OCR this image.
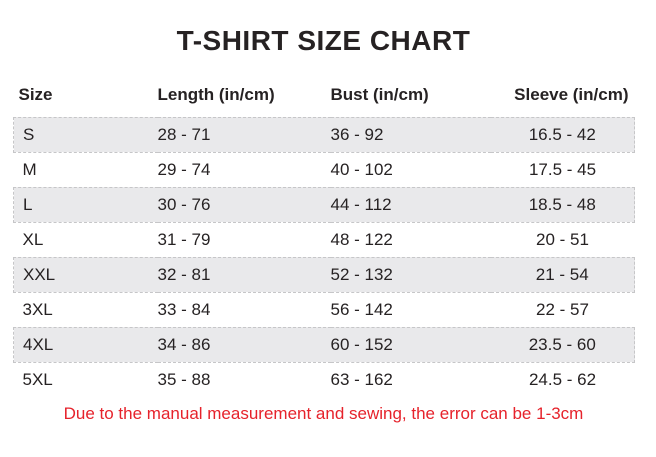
T-SHIRT SIZE CHART
Size	Length (in/cm)	Bust (in/cm)	Sleeve (in/cm)
S	28 - 71	36 - 92	16.5 - 42
M	29 - 74	40 - 102	17.5 - 45
L	30 - 76	44 - 112	18.5 - 48
XL	31 - 79	48 - 122	20 - 51
XXL	32 - 81	52 - 132	21 - 54
3XL	33 - 84	56 - 142	22 - 57
4XL	34 - 86	60 - 152	23.5 - 60
5XL	35 - 88	63 - 162	24.5 - 62
Due to the manual measurement and sewing, the error can be 1-3cm
